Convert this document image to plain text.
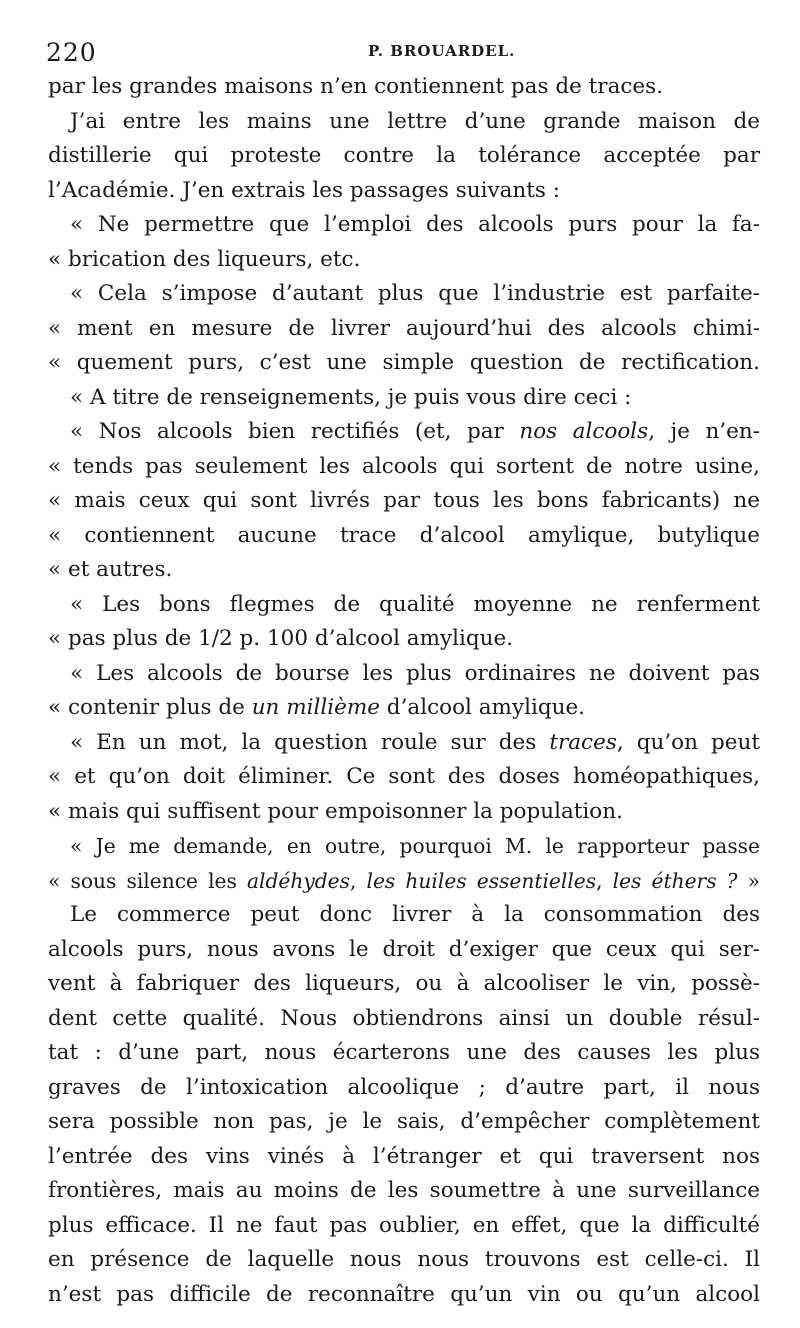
220	P. BROUARDEL.
par les grandes maisons n’en contiennent pas de traces.
J’ai entre les mains une lettre d’une grande maison de
distillerie qui proteste contre la tolérance acceptée par
l’Académie. J’en extrais les passages suivants :
« Ne permettre que l’emploi des alcools purs pour la fa-
« brication des liqueurs, etc.
« Cela s’impose d’autant plus que l’industrie est parfaite-
« ment en mesure de livrer aujourd’hui des alcools chimi-
« quement purs, c’est une simple question de rectification.
« A titre de renseignements, je puis vous dire ceci :
« Nos alcools bien rectifiés (et, par nos alcools, je n’en-
« tends pas seulement les alcools qui sortent de notre usine,
« mais ceux qui sont livrés par tous les bons fabricants) ne
« contiennent aucune trace d’alcool amylique, butylique
« et autres.
« Les bons flegmes de qualité moyenne ne renferment
« pas plus de 1/2 p. 100 d’alcool amylique.
« Les alcools de bourse les plus ordinaires ne doivent pas
« contenir plus de un millième d’alcool amylique.
« En un mot, la question roule sur des traces, qu’on peut
« et qu’on doit éliminer. Ce sont des doses homéopathiques,
« mais qui suffisent pour empoisonner la population.
« Je me demande, en outre, pourquoi M. le rapporteur passe
« sous silence les aldéhydes, les huiles essentielles, les éthers ? »
Le commerce peut donc livrer à la consommation des
alcools purs, nous avons le droit d’exiger que ceux qui ser-
vent à fabriquer des liqueurs, ou à alcooliser le vin, possè-
dent cette qualité. Nous obtiendrons ainsi un double résul-
tat : d’une part, nous écarterons une des causes les plus
graves de l’intoxication alcoolique ; d’autre part, il nous
sera possible non pas, je le sais, d’empêcher complètement
l’entrée des vins vinés à l’étranger et qui traversent nos
frontières, mais au moins de les soumettre à une surveillance
plus efficace. Il ne faut pas oublier, en effet, que la difficulté
en présence de laquelle nous nous trouvons est celle-ci. Il
n’est pas difficile de reconnaître qu’un vin ou qu’un alcool
